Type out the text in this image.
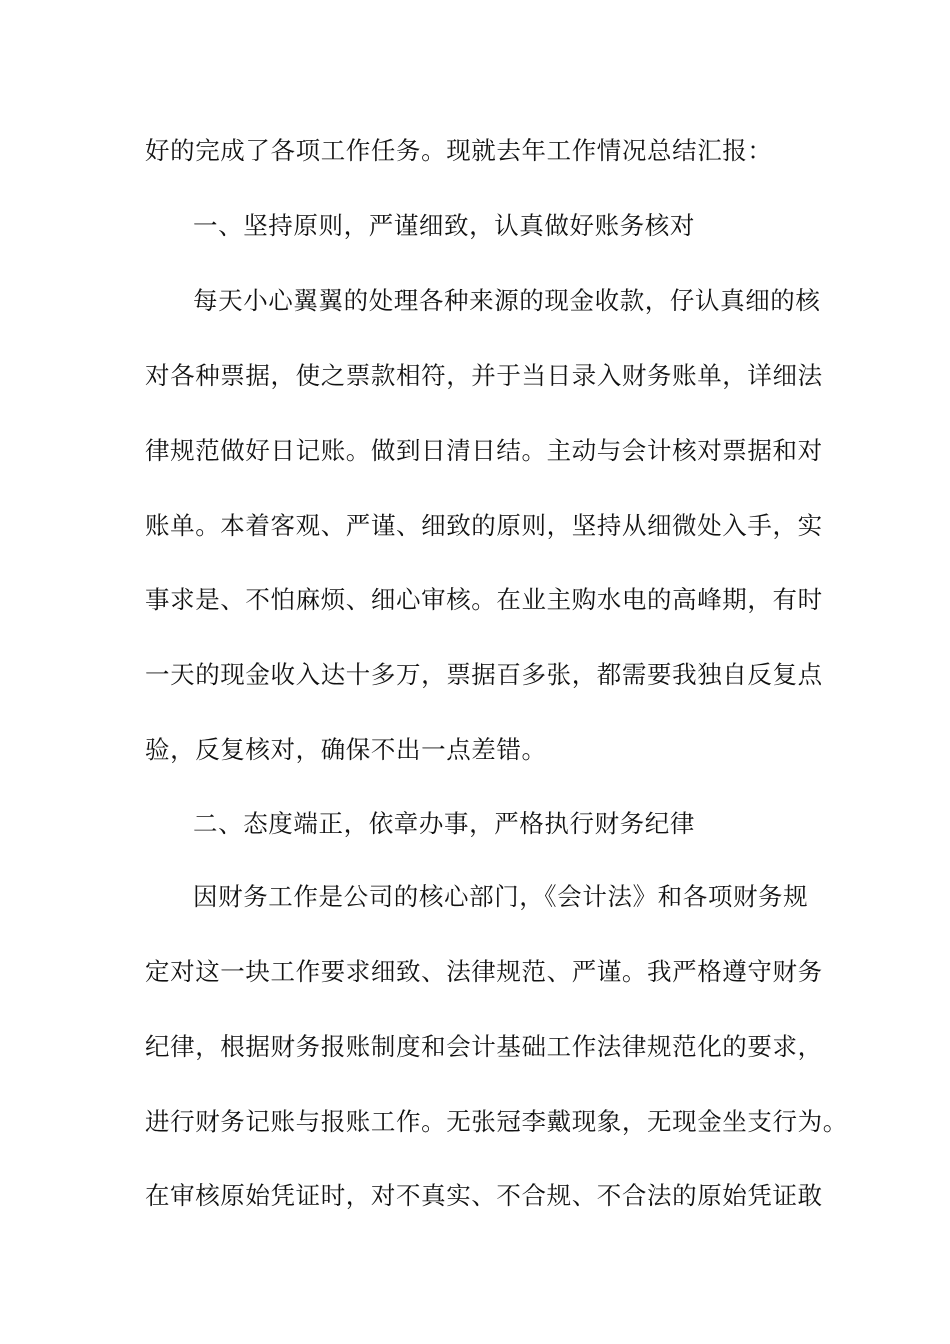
好的完成了各项工作任务。现就去年工作情况总结汇报：
一、坚持原则，严谨细致，认真做好账务核对
每天小心翼翼的处理各种来源的现金收款，仔认真细的核
对各种票据，使之票款相符，并于当日录入财务账单，详细法
律规范做好日记账。做到日清日结。主动与会计核对票据和对
账单。本着客观、严谨、细致的原则，坚持从细微处入手，实
事求是、不怕麻烦、细心审核。在业主购水电的高峰期，有时
一天的现金收入达十多万，票据百多张，都需要我独自反复点
验，反复核对，确保不出一点差错。
二、态度端正，依章办事，严格执行财务纪律
因财务工作是公司的核心部门，《会计法》和各项财务规
定对这一块工作要求细致、法律规范、严谨。我严格遵守财务
纪律，根据财务报账制度和会计基础工作法律规范化的要求，
进行财务记账与报账工作。无张冠李戴现象，无现金坐支行为。
在审核原始凭证时，对不真实、不合规、不合法的原始凭证敢
